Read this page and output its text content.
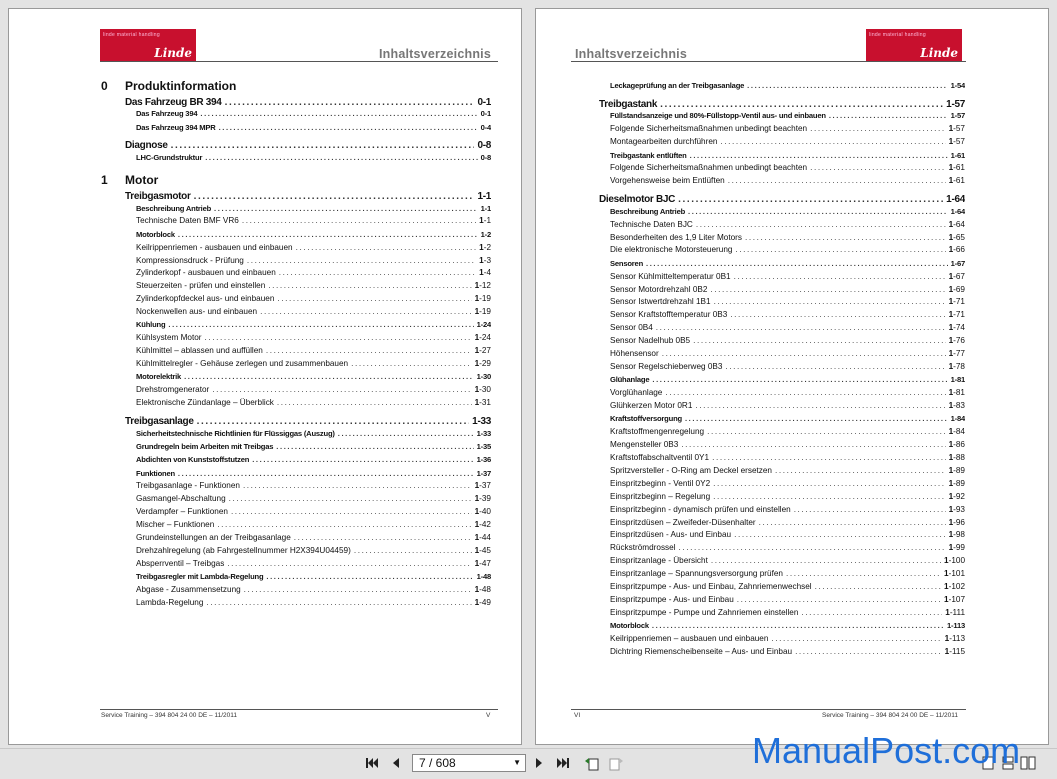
linde material handling
Linde	Inhaltsverzeichnis
0	Produktinformation
Das Fahrzeug BR 394 .....	0-1
Das Fahrzeug 394 .....	0-1
Das Fahrzeug 394 MPR .....	0-4
Diagnose .....	0-8
LHC-Grundstruktur .....	0-8
1	Motor
Treibgasmotor .....	1-1
Beschreibung Antrieb .....	1-1
Technische Daten BMF VR6 .....	1-1
Motorblock .....	1-2
Keilrippenriemen - ausbauen und einbauen .....	1-2
Kompressionsdruck - Prüfung .....	1-3
Zylinderkopf - ausbauen und einbauen .....	1-4
Steuerzeiten - prüfen und einstellen .....	1-12
Zylinderkopfdeckel aus- und einbauen .....	1-19
Nockenwellen aus- und einbauen .....	1-19
Kühlung .....	1-24
Kühlsystem Motor .....	1-24
Kühlmittel – ablassen und auffüllen .....	1-27
Kühlmittelregler - Gehäuse zerlegen und zusammenbauen .....	1-29
Motorelektrik .....	1-30
Drehstromgenerator .....	1-30
Elektronische Zündanlage – Überblick .....	1-31
Treibgasanlage .....	1-33
Sicherheitstechnische Richtlinien für Flüssiggas (Auszug) .....	1-33
Grundregeln beim Arbeiten mit Treibgas .....	1-35
Abdichten von Kunststoffstutzen .....	1-36
Funktionen .....	1-37
Treibgasanlage - Funktionen .....	1-37
Gasmangel-Abschaltung .....	1-39
Verdampfer – Funktionen .....	1-40
Mischer – Funktionen .....	1-42
Grundeinstellungen an der Treibgasanlage .....	1-44
Drehzahlregelung (ab Fahrgestellnummer H2X394U04459) .....	1-45
Absperrventil – Treibgas .....	1-47
Treibgasregler mit Lambda-Regelung .....	1-48
Abgase - Zusammensetzung .....	1-48
Lambda-Regelung .....	1-49
Service Training – 394 804 24 00 DE – 11/2011	V
Inhaltsverzeichnis
linde material handling
Linde
Leckageprüfung an der Treibgasanlage .....	1-54
Treibgastank .....	1-57
Füllstandsanzeige und 80%-Füllstopp-Ventil aus- und einbauen .....	1-57
Folgende Sicherheitsmaßnahmen unbedingt beachten .....	1-57
Montagearbeiten durchführen .....	1-57
Treibgastank entlüften .....	1-61
Folgende Sicherheitsmaßnahmen unbedingt beachten .....	1-61
Vorgehensweise beim Entlüften .....	1-61
Dieselmotor BJC .....	1-64
Beschreibung Antrieb .....	1-64
Technische Daten BJC .....	1-64
Besonderheiten des 1,9 Liter Motors .....	1-65
Die elektronische Motorsteuerung .....	1-66
Sensoren .....	1-67
Sensor Kühlmitteltemperatur 0B1 .....	1-67
Sensor Motordrehzahl 0B2 .....	1-69
Sensor Istwertdrehzahl 1B1 .....	1-71
Sensor Kraftstofftemperatur 0B3 .....	1-71
Sensor 0B4 .....	1-74
Sensor Nadelhub 0B5 .....	1-76
Höhensensor .....	1-77
Sensor Regelschieberweg 0B3 .....	1-78
Glühanlage .....	1-81
Vorglühanlage .....	1-81
Glühkerzen Motor 0R1 .....	1-83
Kraftstoffversorgung .....	1-84
Kraftstoffmengenregelung .....	1-84
Mengensteller 0B3 .....	1-86
Kraftstoffabschaltventil 0Y1 .....	1-88
Spritzversteller - O-Ring am Deckel ersetzen .....	1-89
Einspritzbeginn - Ventil 0Y2 .....	1-89
Einspritzbeginn – Regelung .....	1-92
Einspritzbeginn - dynamisch prüfen und einstellen .....	1-93
Einspritzdüsen – Zweifeder-Düsenhalter .....	1-96
Einspritzdüsen - Aus- und Einbau .....	1-98
Rückströmdrossel .....	1-99
Einspritzanlage - Übersicht .....	1-100
Einspritzanlage – Spannungsversorgung prüfen .....	1-101
Einspritzpumpe - Aus- und Einbau, Zahnriemenwechsel .....	1-102
Einspritzpumpe - Aus- und Einbau .....	1-107
Einspritzpumpe - Pumpe und Zahnriemen einstellen .....	1-111
Motorblock .....	1-113
Keilrippenriemen – ausbauen und einbauen .....	1-113
Dichtring Riemenscheibenseite – Aus- und Einbau .....	1-115
VI	Service Training – 394 804 24 00 DE – 11/2011
7 / 608	▼	ManualPost.com
